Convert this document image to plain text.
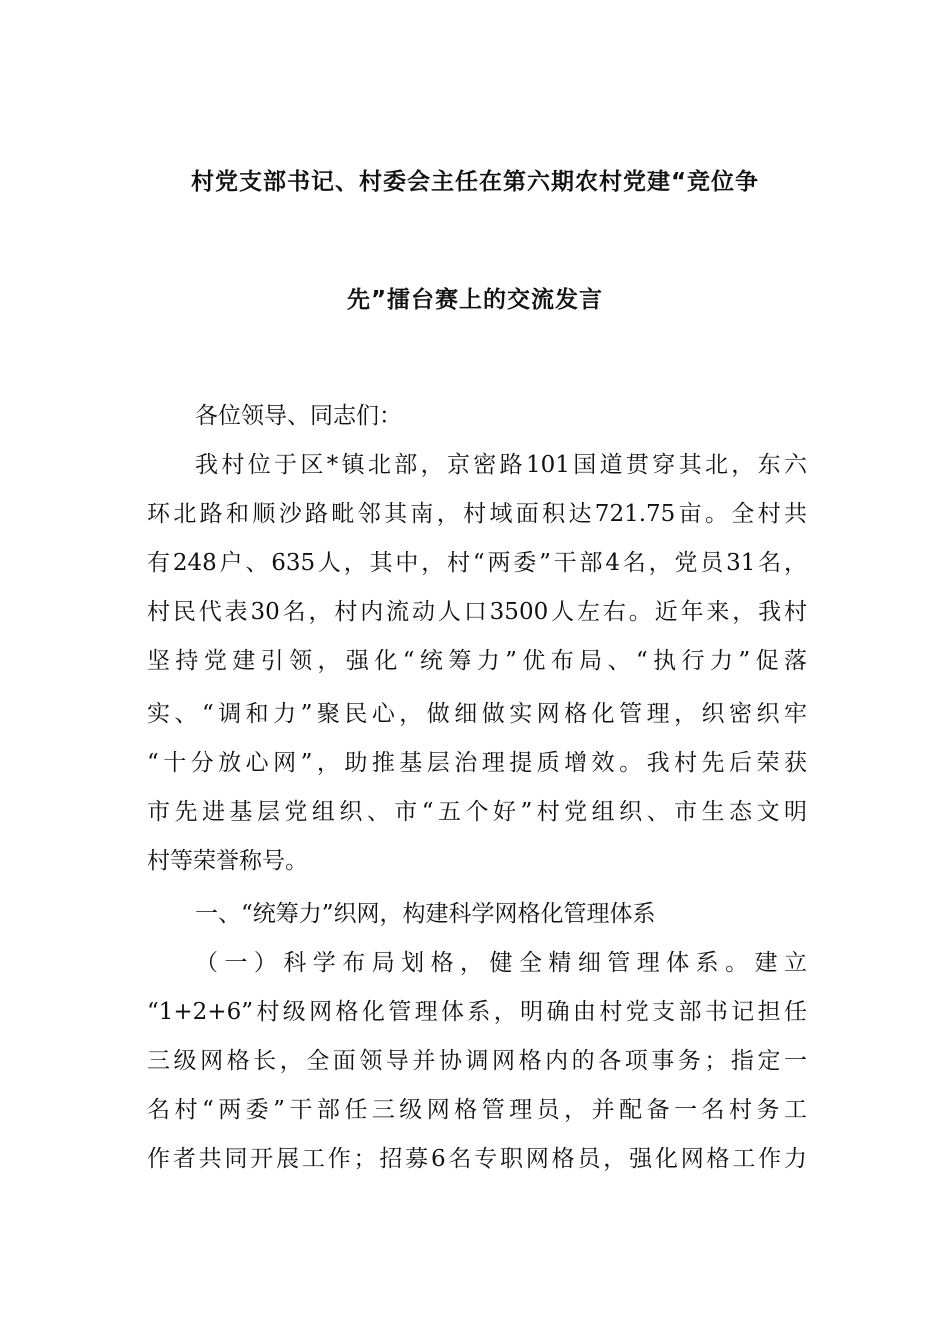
村党支部书记、村委会主任在第六期农村党建“竞位争
先”擂台赛上的交流发言
各位领导、同志们：
我村位于区*镇北部，京密路101国道贯穿其北，东六
环北路和顺沙路毗邻其南，村域面积达721.75亩。全村共
有248户、635人，其中，村“两委”干部4名，党员31名，
村民代表30名，村内流动人口3500人左右。近年来，我村
坚持党建引领，强化“统筹力”优布局、“执行力”促落
实、“调和力”聚民心，做细做实网格化管理，织密织牢
“十分放心网”，助推基层治理提质增效。我村先后荣获
市先进基层党组织、市“五个好”村党组织、市生态文明
村等荣誉称号。
一、“统筹力”织网，构建科学网格化管理体系
（一）科学布局划格，健全精细管理体系。建立
“1+2+6”村级网格化管理体系，明确由村党支部书记担任
三级网格长，全面领导并协调网格内的各项事务；指定一
名村“两委”干部任三级网格管理员，并配备一名村务工
作者共同开展工作；招募6名专职网格员，强化网格工作力
